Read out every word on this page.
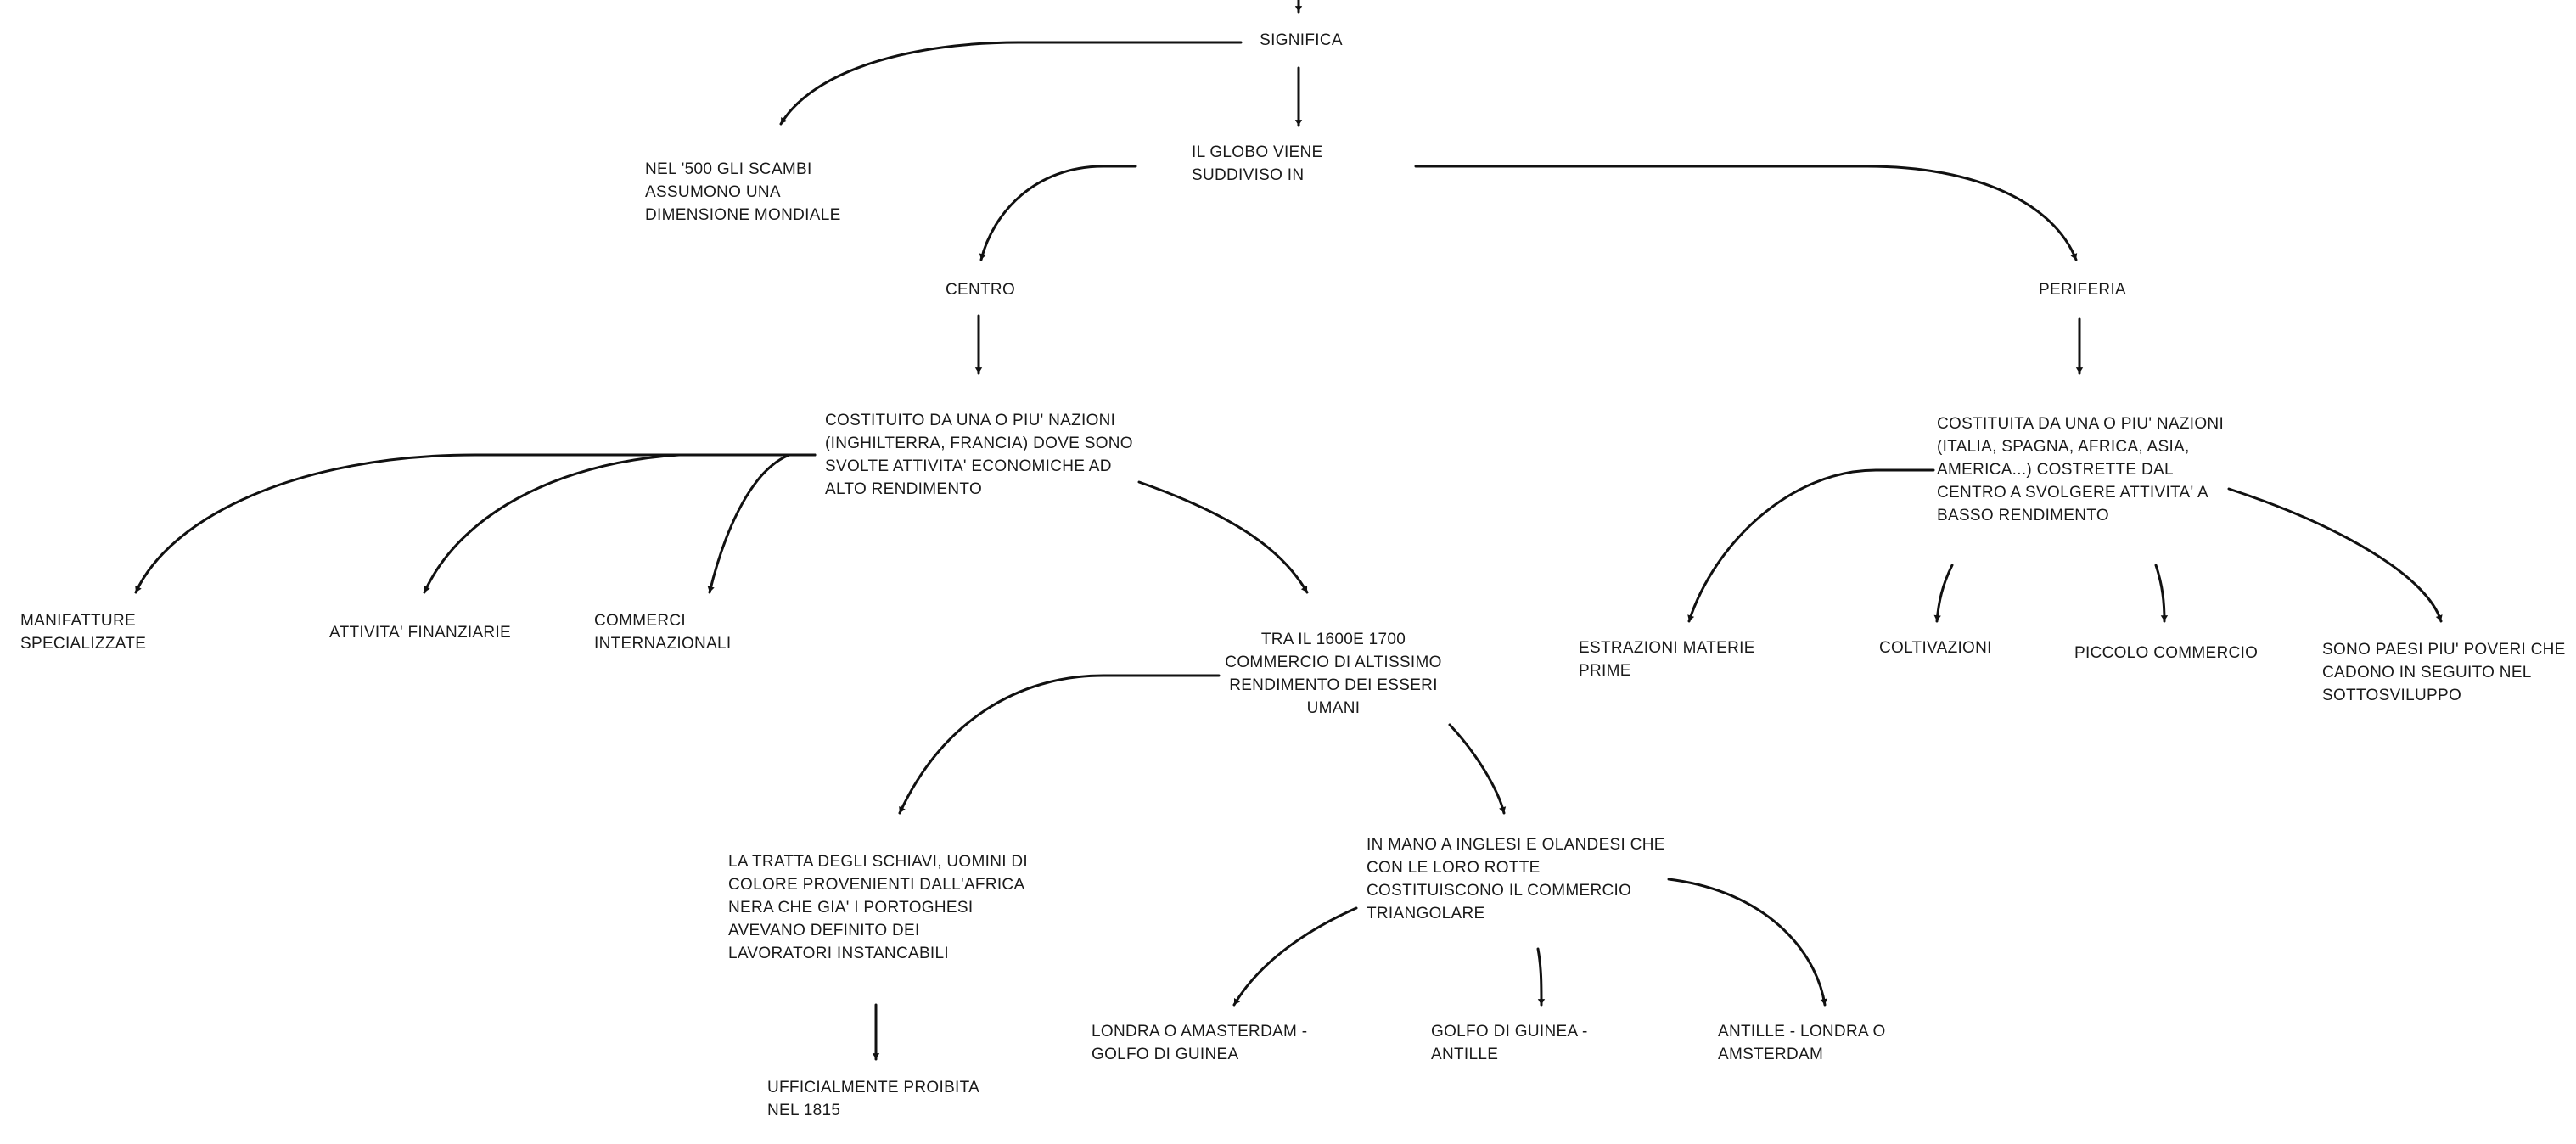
SIGNIFICA
NEL '500 GLI SCAMBI
ASSUMONO UNA
DIMENSIONE MONDIALE
IL GLOBO VIENE
SUDDIVISO IN
CENTRO	PERIFERIA
COSTITUITO DA UNA O PIU' NAZIONI
(INGHILTERRA, FRANCIA) DOVE SONO
SVOLTE ATTIVITA' ECONOMICHE AD
ALTO RENDIMENTO
COSTITUITA DA UNA O PIU' NAZIONI
(ITALIA, SPAGNA, AFRICA, ASIA,
AMERICA...) COSTRETTE DAL
CENTRO A SVOLGERE ATTIVITA' A
BASSO RENDIMENTO
MANIFATTURE
SPECIALIZZATE
ATTIVITA' FINANZIARIE
COMMERCI
INTERNAZIONALI	TRA IL 1600E 1700
COMMERCIO DI ALTISSIMO
RENDIMENTO DEI ESSERI
UMANI
ESTRAZIONI MATERIE
PRIME
COLTIVAZIONI	PICCOLO COMMERCIO	SONO PAESI PIU' POVERI CHE
CADONO IN SEGUITO NEL
SOTTOSVILUPPO
LA TRATTA DEGLI SCHIAVI, UOMINI DI
COLORE PROVENIENTI DALL'AFRICA
NERA CHE GIA' I PORTOGHESI
AVEVANO DEFINITO DEI
LAVORATORI INSTANCABILI
IN MANO A INGLESI E OLANDESI CHE
CON LE LORO ROTTE
COSTITUISCONO IL COMMERCIO
TRIANGOLARE
LONDRA O AMASTERDAM -
GOLFO DI GUINEA
GOLFO DI GUINEA -
ANTILLE
ANTILLE - LONDRA O
AMSTERDAM
UFFICIALMENTE PROIBITA
NEL 1815
